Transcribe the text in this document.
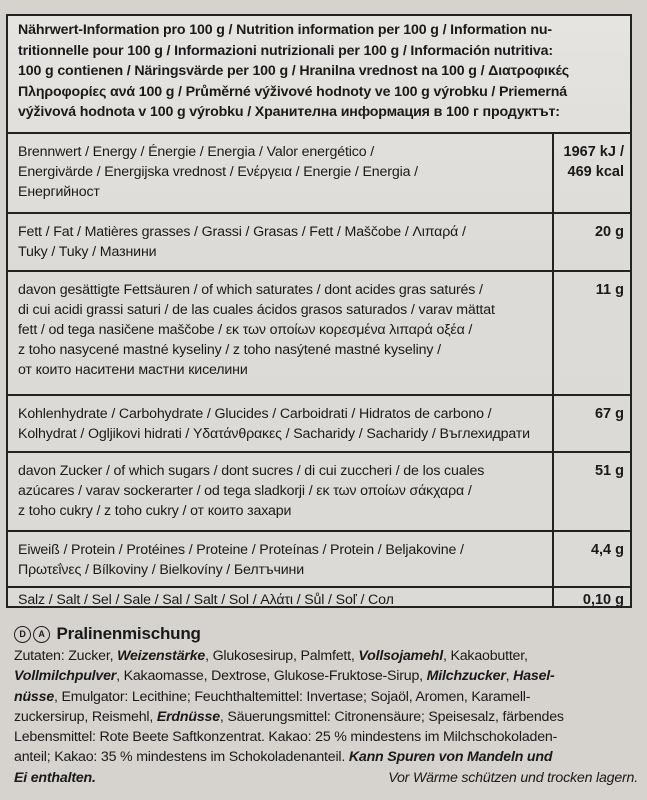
Nährwert-Information pro 100 g / Nutrition information per 100 g / Information nu-
tritionnelle pour 100 g / Informazioni nutrizionali per 100 g / Información nutritiva:
100 g contienen / Näringsvärde per 100 g / Hranilna vrednost na 100 g / Διατροφικές
Πληροφορίες ανά 100 g / Průměrné výživové hodnoty ve 100 g výrobku / Priemerná
výživová hodnota v 100 g výrobku / Хранителна информация в 100 г продуктът:
Brennwert / Energy / Énergie / Energia / Valor energético /
Energivärde / Energijska vrednost / Ενέργεια / Energie / Energia /
Енергийност
1967 kJ /
469 kcal
Fett / Fat / Matières grasses / Grassi / Grasas / Fett / Maščobe / Λιπαρά /
Tuky / Tuky / Мазнини
20 g
davon gesättigte Fettsäuren / of which saturates / dont acides gras saturés /
di cui acidi grassi saturi / de las cuales ácidos grasos saturados / varav mättat
fett / od tega nasičene maščobe / εκ των οποίων κορεσμένα λιπαρά οξέα /
z toho nasycené mastné kyseliny / z toho nasýtené mastné kyseliny /
от които наситени мастни киселини
11 g
Kohlenhydrate / Carbohydrate / Glucides / Carboidrati / Hidratos de carbono /
Kolhydrat / Ogljikovi hidrati / Υδατάνθρακες / Sacharidy / Sacharidy / Въглехидрати
67 g
davon Zucker / of which sugars / dont sucres / di cui zuccheri / de los cuales
azúcares / varav sockerarter / od tega sladkorji / εκ των οποίων σάκχαρα /
z toho cukry / z toho cukry / от които захари
51 g
Eiweiß / Protein / Protéines / Proteine / Proteínas / Protein / Beljakovine /
Πρωτεΐνες / Bílkoviny / Bielkovíny / Белтъчини
4,4 g
Salz / Salt / Sel / Sale / Sal / Salt / Sol / Αλάτι / Sůl / Soľ / Сол	0,10 g
D A Pralinenmischung
Zutaten: Zucker, Weizenstärke, Glukosesirup, Palmfett, Vollsojamehl, Kakaobutter,
Vollmilchpulver, Kakaomasse, Dextrose, Glukose-Fruktose-Sirup, Milchzucker, Hasel-
nüsse, Emulgator: Lecithine; Feuchthaltemittel: Invertase; Sojaöl, Aromen, Karamell-
zuckersirup, Reismehl, Erdnüsse, Säuerungsmittel: Citronensäure; Speisesalz, färbendes
Lebensmittel: Rote Beete Saftkonzentrat. Kakao: 25 % mindestens im Milchschokoladen-
anteil; Kakao: 35 % mindestens im Schokoladenanteil. Kann Spuren von Mandeln und
Ei enthalten.	Vor Wärme schützen und trocken lagern.
